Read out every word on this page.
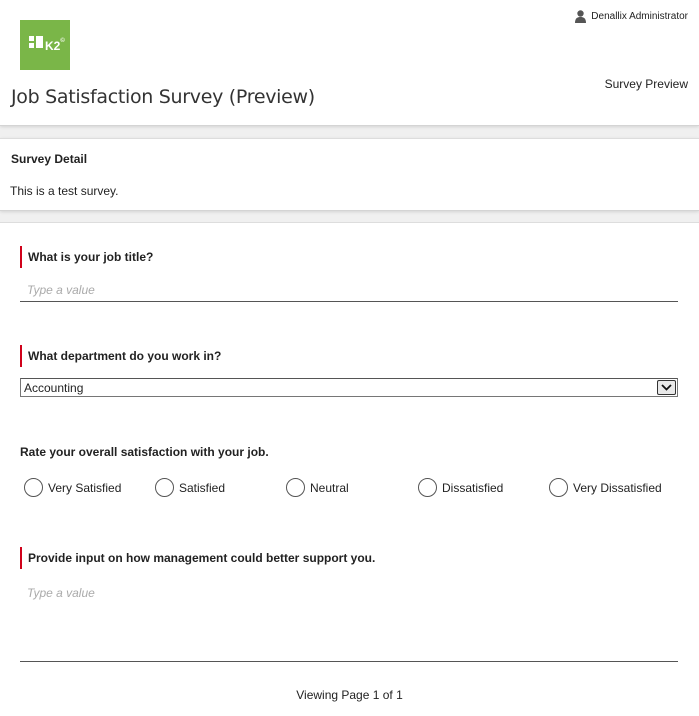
K2©
Denallix Administrator
Survey Preview
Job Satisfaction Survey (Preview)
Survey Detail

This is a test survey.

What is your job title?
Type a value
What department do you work in?
Accounting
Rate your overall satisfaction with your job.
Very Satisfied	Satisfied	Neutral	Dissatisfied	Very Dissatisfied
Provide input on how management could better support you.
Type a value
Viewing Page 1 of 1
